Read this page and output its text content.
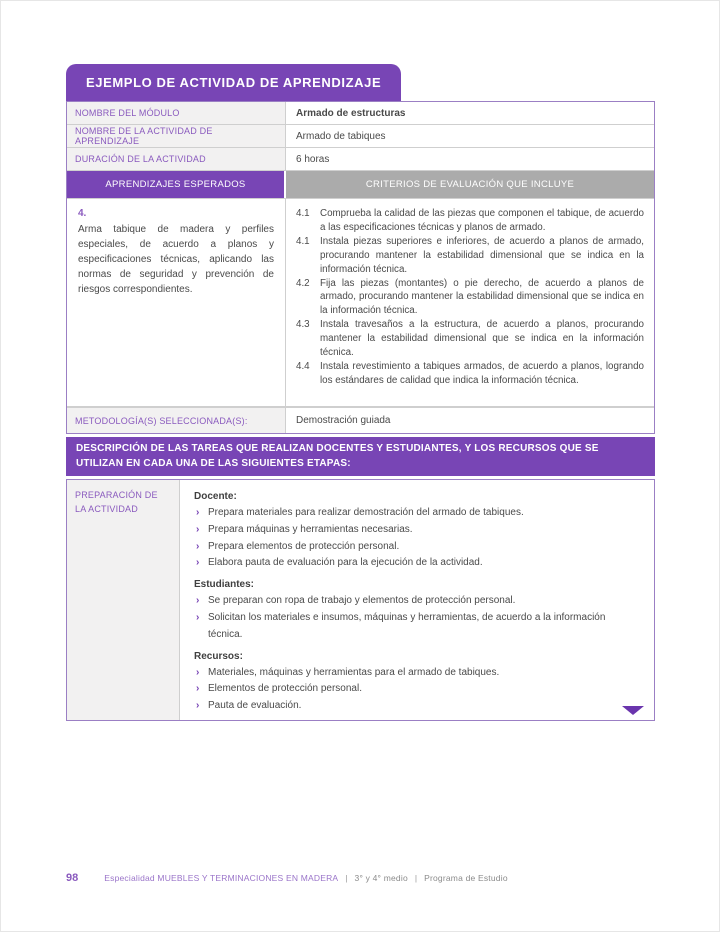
EJEMPLO DE ACTIVIDAD DE APRENDIZAJE
NOMBRE DEL MÓDULO	Armado de estructuras
NOMBRE DE LA ACTIVIDAD DE APRENDIZAJE	Armado de tabiques
DURACIÓN DE LA ACTIVIDAD	6 horas
APRENDIZAJES ESPERADOS	CRITERIOS DE EVALUACIÓN QUE INCLUYE
4.
Arma tabique de madera y perfiles especiales, de acuerdo a planos y especificaciones técnicas, aplicando las normas de seguridad y prevención de riesgos correspondientes.
4.1	Comprueba la calidad de las piezas que componen el tabique, de acuerdo a las especificaciones técnicas y planos de armado.
4.1	Instala piezas superiores e inferiores, de acuerdo a planos de armado, procurando mantener la estabilidad dimensional que se indica en la información técnica.
4.2	Fija las piezas (montantes) o pie derecho, de acuerdo a planos de armado, procurando mantener la estabilidad dimensional que se indica en la información técnica.
4.3	Instala travesaños a la estructura, de acuerdo a planos, procurando mantener la estabilidad dimensional que se indica en la información técnica.
4.4	Instala revestimiento a tabiques armados, de acuerdo a planos, logrando los estándares de calidad que indica la información técnica.
METODOLOGÍA(S) SELECCIONADA(S):	Demostración guiada
DESCRIPCIÓN DE LAS TAREAS QUE REALIZAN DOCENTES Y ESTUDIANTES, Y LOS RECURSOS QUE SE UTILIZAN EN CADA UNA DE LAS SIGUIENTES ETAPAS:
PREPARACIÓN DE LA ACTIVIDAD
Docente:
› Prepara materiales para realizar demostración del armado de tabiques.
› Prepara máquinas y herramientas necesarias.
› Prepara elementos de protección personal.
› Elabora pauta de evaluación para la ejecución de la actividad.
Estudiantes:
› Se preparan con ropa de trabajo y elementos de protección personal.
› Solicitan los materiales e insumos, máquinas y herramientas, de acuerdo a la información técnica.
Recursos:
› Materiales, máquinas y herramientas para el armado de tabiques.
› Elementos de protección personal.
› Pauta de evaluación.
98	Especialidad MUEBLES Y TERMINACIONES EN MADERA | 3° y 4° medio | Programa de Estudio
